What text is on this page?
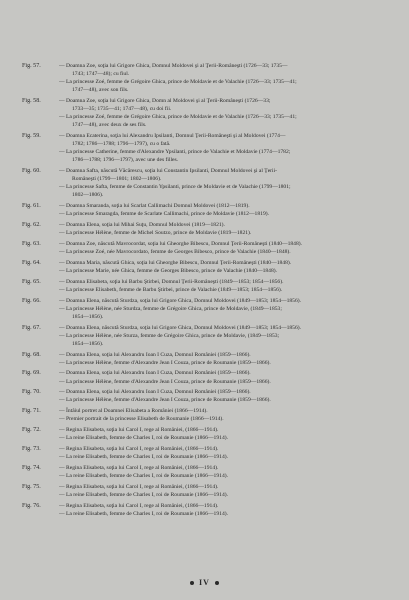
Fig. 57.	— Doamna Zoe, soţia lui Grigore Ghica, Domnul Moldovei şi al Ţerii-Româneşti (1726—33; 1735—
1743; 1747—48); cu fiul.
— La princesse Zoé, femme de Grégoire Ghica, prince de Moldavie et de Valachie (1726—33; 1735—41;
1747—48), avec son fils.
Fig. 58.	— Doamna Zoe, soţia lui Grigore Ghica, Domn al Moldovei şi al Ţerii-Româneşti (1726—33;
1733—35; 1735—41; 1747—48), cu doi fii.
— La princesse Zoé, femme de Grégoire Ghica, prince de Moldavie et de Valachie (1726—33; 1735—41;
1747—48), avec deux de ses fils.
Fig. 59.	— Doamna Ecaterina, soţia lui Alexandru Ipsilanti, Domnul Ţerii-Româneşti şi al Moldovei (1774—
1782; 1786—1788; 1796—1797), cu o fată.
— La princesse Catherine, femme d'Alexandre Ypsilanti, prince de Valachie et Moldavie (1774—1782;
1786—1788; 1796—1797), avec une des filles.
Fig. 60.	— Doamna Safta, născută Văcărescu, soţia lui Constantin Ipsilanti, Domnul Moldovei şi al Ţerii-
Româneşti (1799—1801; 1802—1806).
— La princesse Safta, femme de Constantin Ypsilanti, prince de Moldavie et de Valachie (1799—1801;
1802—1806).
Fig. 61.	— Doamna Smaranda, soţia lui Scarlat Callimachi Domnul Moldovei (1812—1819).
— La princesse Smaragda, femme de Scarlate Callimachi, prince de Moldavie (1812—1819).
Fig. 62.	— Doamna Elena, soţia lui Mihai Suţu, Domnul Moldovei (1819—1821).
— La princesse Hélène, femme de Michel Soutzo, prince de Moldavie (1819—1821).
Fig. 63.	— Doamna Zoe, născută Mavrocordat, soţia lui Gheorghe Bibescu, Domnul Ţerii-Româneşti (1840—1848).
— La princesse Zoé, née Mavrocordato, femme de Georges Bibesco, prince de Valachie (1840—1848).
Fig. 64.	— Doamna Maria, născută Ghica, soţia lui Gheorghe Bibescu, Domnul Ţerii-Româneşti (1840—1848).
— La princesse Marie, née Ghica, femme de Georges Bibesco, prince de Valachie (1840—1848).
Fig. 65.	— Doamna Elisabeta, soţia lui Barbu Ştirbei, Domnul Ţerii-Româneşti (1849—1853; 1854—1856).
— La princesse Elisabeth, femme de Barbu Ştirbei, prince de Valachie (1849—1853; 1854—1856).
Fig. 66.	— Doamna Elena, născută Sturdza, soţia lui Grigore Ghica, Domnul Moldovei (1849—1853; 1854—1856).
— La princesse Hélène, née Sturdza, femme de Grégoire Ghica, prince de Moldavie, (1849—1853;
1854—1856).
Fig. 67.	— Doamna Elena, născută Sturdza, soţia lui Grigore Ghica, Domnul Moldovei (1849—1853; 1854—1856).
— La princesse Hélène, née Sturza, femme de Grégoire Ghica, prince de Moldavie, (1849—1853;
1854—1856).
Fig. 68.	— Doamna Elena, soţia lui Alexandru Ioan I Cuza, Domnul României (1859—1866).
— La princesse Hélène, femme d'Alexandre Jean I Couza, prince de Roumanie (1859—1866).
Fig. 69.	— Doamna Elena, soţia lui Alexandru Ioan I Cuza, Domnul României (1859—1866).
— La princesse Hélène, femme d'Alexandre Jean I Couza, prince de Roumanie (1859—1866).
Fig. 70.	— Doamna Elena, soţia lui Alexandru Ioan I Cuza, Domnul României (1859—1866).
— La princesse Hélène, femme d'Alexandre Jean I Couza, prince de Roumanie (1859—1866).
Fig. 71.	— Întâiul portret al Doamnei Elisabeta a României (1866—1914).
— Premier portrait de la princesse Elisabeth de Roumanie (1866—1914).
Fig. 72.	— Regina Elisabeta, soţia lui Carol I, rege al României, (1866—1914).
— La reine Elisabeth, femme de Charles I, roi de Roumanie (1866—1914).
Fig. 73.	— Regina Elisabeta, soţia lui Carol I, rege al României, (1866—1914).
— La reine Elisabeth, femme de Charles I, roi de Roumanie (1866—1914).
Fig. 74.	— Regina Elisabeta, soţia lui Carol I, rege al României, (1866—1914).
— La reine Elisabeth, femme de Charles I, roi de Roumanie (1866—1914).
Fig. 75.	— Regina Elisabeta, soţia lui Carol I, rege al României, (1866—1914).
— La reine Elisabeth, femme de Charles I, roi de Roumanie (1866—1914).
Fig. 76.	— Regina Elisabeta, soţia lui Carol I, rege al României, (1866—1914).
— La reine Elisabeth, femme de Charles I, roi de Roumanie (1866—1914).
IV
